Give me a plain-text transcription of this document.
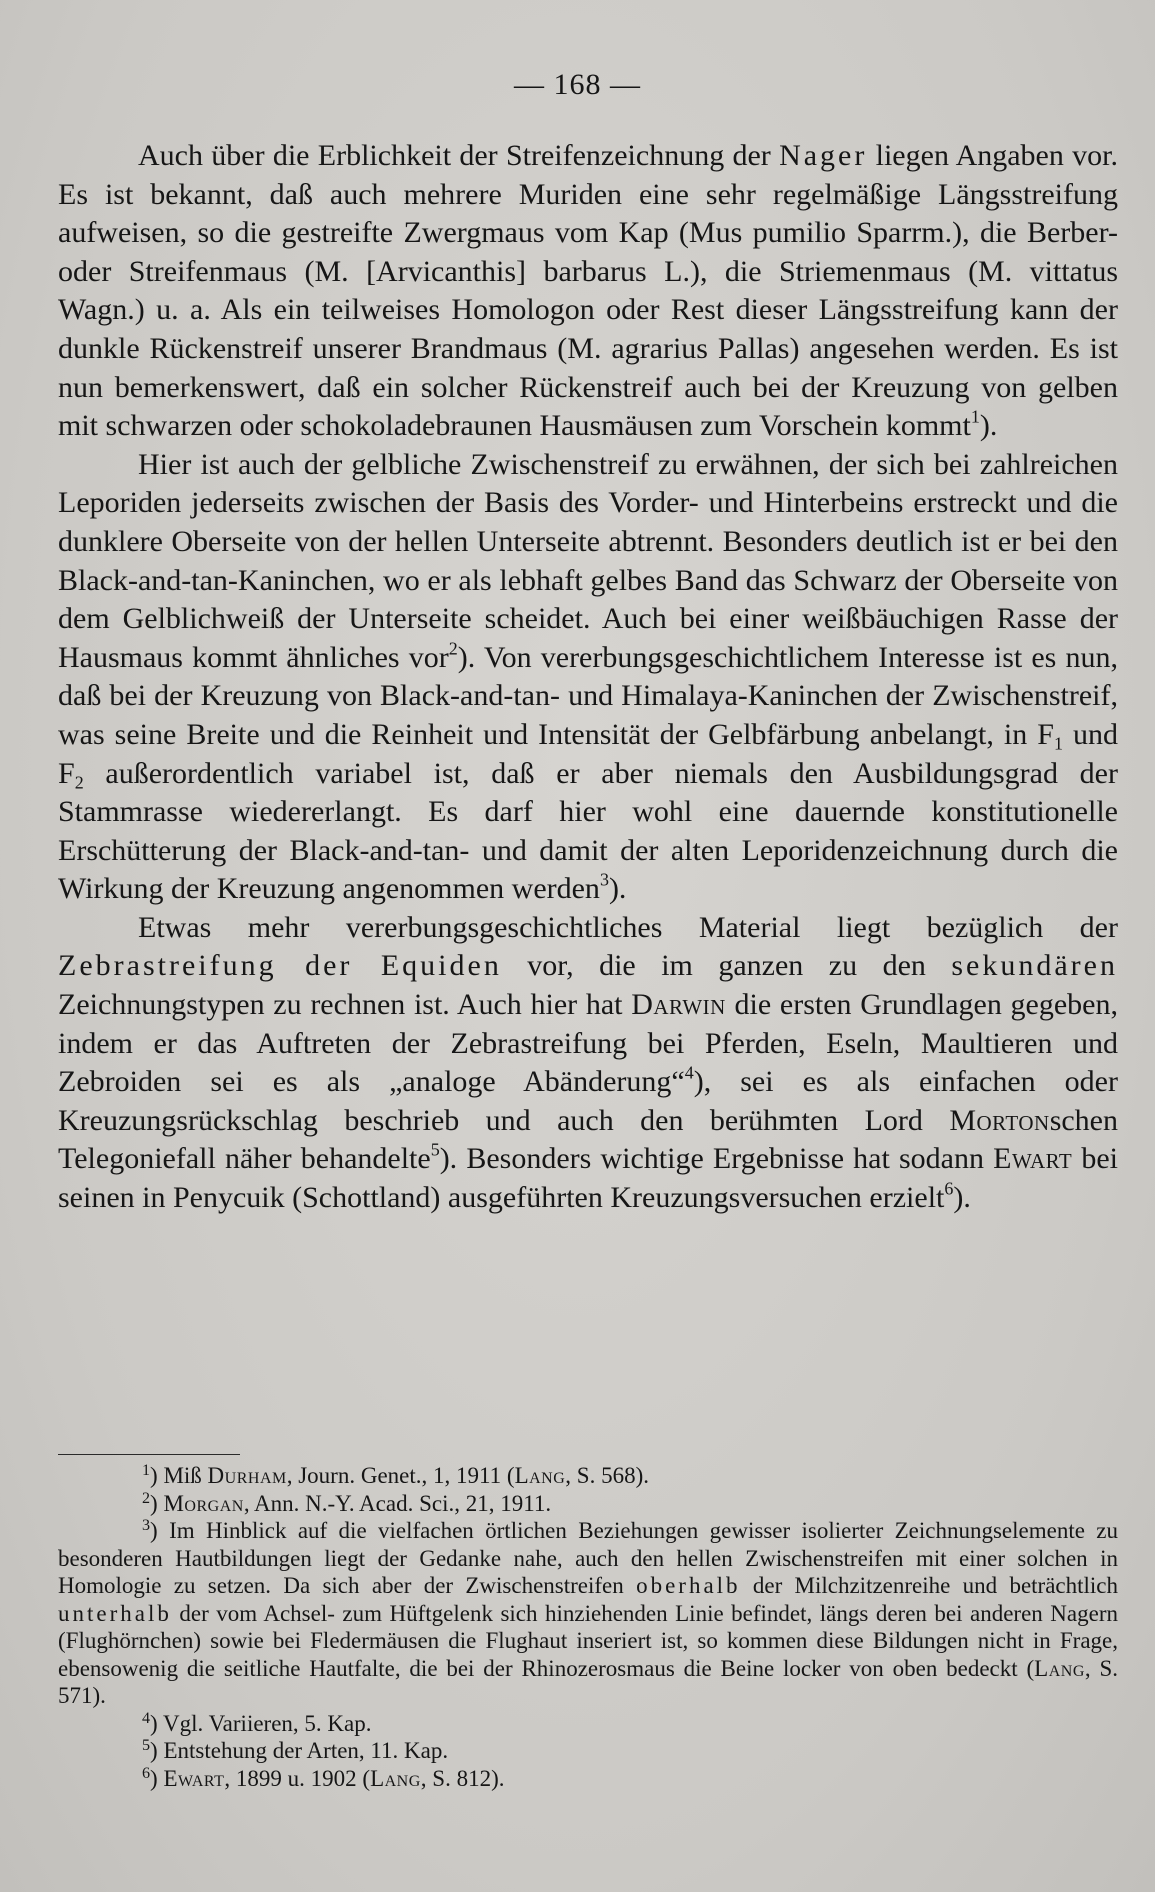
— 168 —

Auch über die Erblichkeit der Streifenzeichnung der Nager liegen Angaben vor. Es ist bekannt, daß auch mehrere Muriden eine sehr regelmäßige Längsstreifung aufweisen, so die gestreifte Zwergmaus vom Kap (Mus pumilio Sparrm.), die Berber- oder Streifenmaus (M. [Arvicanthis] barbarus L.), die Striemenmaus (M. vittatus Wagn.) u. a. Als ein teilweises Homologon oder Rest dieser Längsstreifung kann der dunkle Rückenstreif unserer Brandmaus (M. agrarius Pallas) angesehen werden. Es ist nun bemerkenswert, daß ein solcher Rückenstreif auch bei der Kreuzung von gelben mit schwarzen oder schokoladebraunen Hausmäusen zum Vorschein kommt$^1$).

Hier ist auch der gelbliche Zwischenstreif zu erwähnen, der sich bei zahlreichen Leporiden jederseits zwischen der Basis des Vorder- und Hinterbeins erstreckt und die dunklere Oberseite von der hellen Unterseite abtrennt. Besonders deutlich ist er bei den Black-and-tan-Kaninchen, wo er als lebhaft gelbes Band das Schwarz der Oberseite von dem Gelblichweiß der Unterseite scheidet. Auch bei einer weißbäuchigen Rasse der Hausmaus kommt ähnliches vor$^2$). Von vererbungsgeschichtlichem Interesse ist es nun, daß bei der Kreuzung von Black-and-tan- und Himalaya-Kaninchen der Zwischenstreif, was seine Breite und die Reinheit und Intensität der Gelbfärbung anbelangt, in $F_1$ und $F_2$ außerordentlich variabel ist, daß er aber niemals den Ausbildungsgrad der Stammrasse wiedererlangt. Es darf hier wohl eine dauernde konstitutionelle Erschütterung der Black-and-tan- und damit der alten Leporidenzeichnung durch die Wirkung der Kreuzung angenommen werden$^3$).

Etwas mehr vererbungsgeschichtliches Material liegt bezüglich der Zebrastreifung der Equiden vor, die im ganzen zu den sekundären Zeichnungstypen zu rechnen ist. Auch hier hat Darwin die ersten Grundlagen gegeben, indem er das Auftreten der Zebrastreifung bei Pferden, Eseln, Maultieren und Zebroiden sei es als „analoge Abänderung“$^4$), sei es als einfachen oder Kreuzungsrückschlag beschrieb und auch den berühmten Lord Mortonschen Telegoniefall näher behandelte$^5$). Besonders wichtige Ergebnisse hat sodann Ewart bei seinen in Penycuik (Schottland) ausgeführten Kreuzungsversuchen erzielt$^6$).

$^1$) Miß Durham, Journ. Genet., 1, 1911 (Lang, S. 568).

$^2$) Morgan, Ann. N.-Y. Acad. Sci., 21, 1911.

$^3$) Im Hinblick auf die vielfachen örtlichen Beziehungen gewisser isolierter Zeichnungselemente zu besonderen Hautbildungen liegt der Gedanke nahe, auch den hellen Zwischenstreifen mit einer solchen in Homologie zu setzen. Da sich aber der Zwischenstreifen oberhalb der Milchzitzenreihe und beträchtlich unterhalb der vom Achsel- zum Hüftgelenk sich hinziehenden Linie befindet, längs deren bei anderen Nagern (Flughörnchen) sowie bei Fledermäusen die Flughaut inseriert ist, so kommen diese Bildungen nicht in Frage, ebensowenig die seitliche Hautfalte, die bei der Rhinozerosmaus die Beine locker von oben bedeckt (Lang, S. 571).

$^4$) Vgl. Variieren, 5. Kap.

$^5$) Entstehung der Arten, 11. Kap.

$^6$) Ewart, 1899 u. 1902 (Lang, S. 812).
